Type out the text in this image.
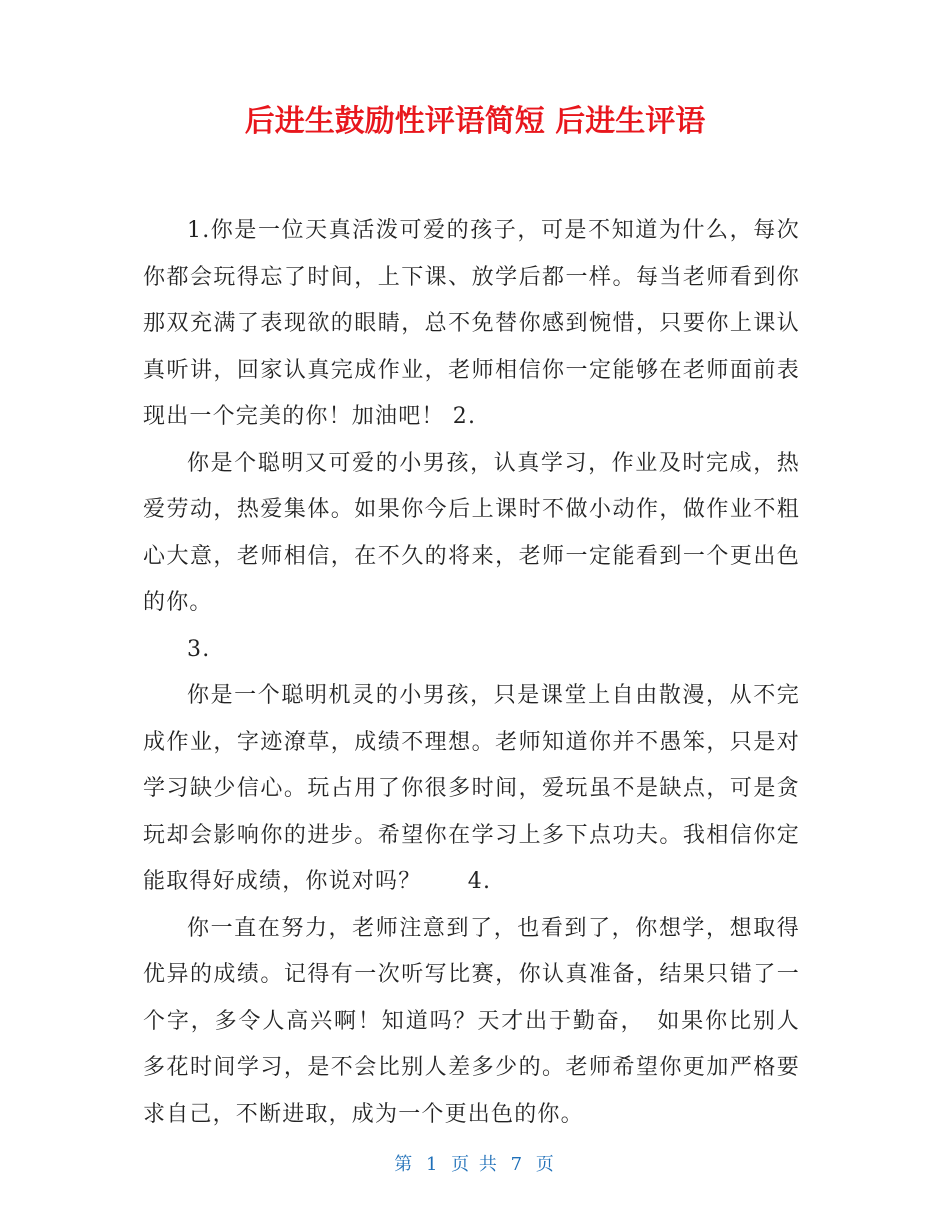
后进生鼓励性评语简短 后进生评语

1.你是一位天真活泼可爱的孩子，可是不知道为什么，每次你都会玩得忘了时间，上下课、放学后都一样。每当老师看到你那双充满了表现欲的眼睛，总不免替你感到惋惜，只要你上课认真听讲，回家认真完成作业，老师相信你一定能够在老师面前表现出一个完美的你！加油吧！ 2.

你是个聪明又可爱的小男孩，认真学习，作业及时完成，热爱劳动，热爱集体。如果你今后上课时不做小动作，做作业不粗心大意，老师相信，在不久的将来，老师一定能看到一个更出色的你。

3.

你是一个聪明机灵的小男孩，只是课堂上自由散漫，从不完成作业，字迹潦草，成绩不理想。老师知道你并不愚笨，只是对学习缺少信心。玩占用了你很多时间，爱玩虽不是缺点，可是贪玩却会影响你的进步。希望你在学习上多下点功夫。我相信你定能取得好成绩，你说对吗？　　4.

你一直在努力，老师注意到了，也看到了，你想学，想取得优异的成绩。记得有一次听写比赛，你认真准备，结果只错了一个字，多令人高兴啊！知道吗？天才出于勤奋，　如果你比别人多花时间学习，是不会比别人差多少的。老师希望你更加严格要求自己，不断进取，成为一个更出色的你。

第 1 页 共 7 页
